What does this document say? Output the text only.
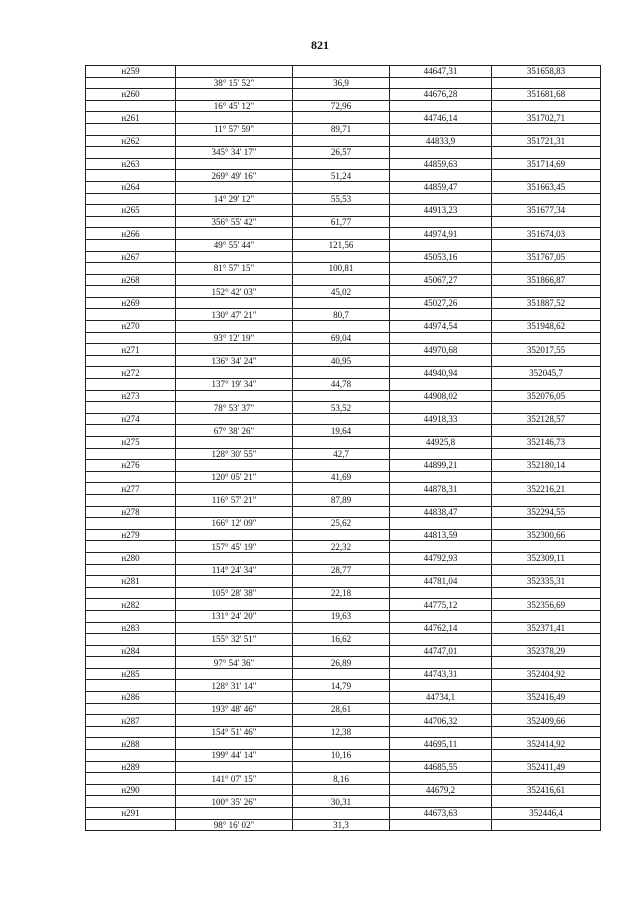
821
н259			44647,31	351658,83
	38° 15' 52"	36,9		
н260			44676,28	351681,68
	16° 45' 12"	72,96		
н261			44746,14	351702,71
	11° 57' 59"	89,71		
н262			44833,9	351721,31
	345° 34' 17"	26,57		
н263			44859,63	351714,69
	269° 49' 16"	51,24		
н264			44859,47	351663,45
	14° 29' 12"	55,53		
н265			44913,23	351677,34
	356° 55' 42"	61,77		
н266			44974,91	351674,03
	49° 55' 44"	121,56		
н267			45053,16	351767,05
	81° 57' 15"	100,81		
н268			45067,27	351866,87
	152° 42' 03"	45,02		
н269			45027,26	351887,52
	130° 47' 21"	80,7		
н270			44974,54	351948,62
	93° 12' 19"	69,04		
н271			44970,68	352017,55
	136° 34' 24"	40,95		
н272			44940,94	352045,7
	137° 19' 34"	44,78		
н273			44908,02	352076,05
	78° 53' 37"	53,52		
н274			44918,33	352128,57
	67° 38' 26"	19,64		
н275			44925,8	352146,73
	128° 30' 55"	42,7		
н276			44899,21	352180,14
	120° 05' 21"	41,69		
н277			44878,31	352216,21
	116° 57' 21"	87,89		
н278			44838,47	352294,55
	166° 12' 09"	25,62		
н279			44813,59	352300,66
	157° 45' 19"	22,32		
н280			44792,93	352309,11
	114° 24' 34"	28,77		
н281			44781,04	352335,31
	105° 28' 38"	22,18		
н282			44775,12	352356,69
	131° 24' 20"	19,63		
н283			44762,14	352371,41
	155° 32' 51"	16,62		
н284			44747,01	352378,29
	97° 54' 36"	26,89		
н285			44743,31	352404,92
	128° 31' 14"	14,79		
н286			44734,1	352416,49
	193° 48' 46"	28,61		
н287			44706,32	352409,66
	154° 51' 46"	12,38		
н288			44695,11	352414,92
	199° 44' 14"	10,16		
н289			44685,55	352411,49
	141° 07' 15"	8,16		
н290			44679,2	352416,61
	100° 35' 26"	30,31		
н291			44673,63	352446,4
	98° 16' 02"	31,3		
